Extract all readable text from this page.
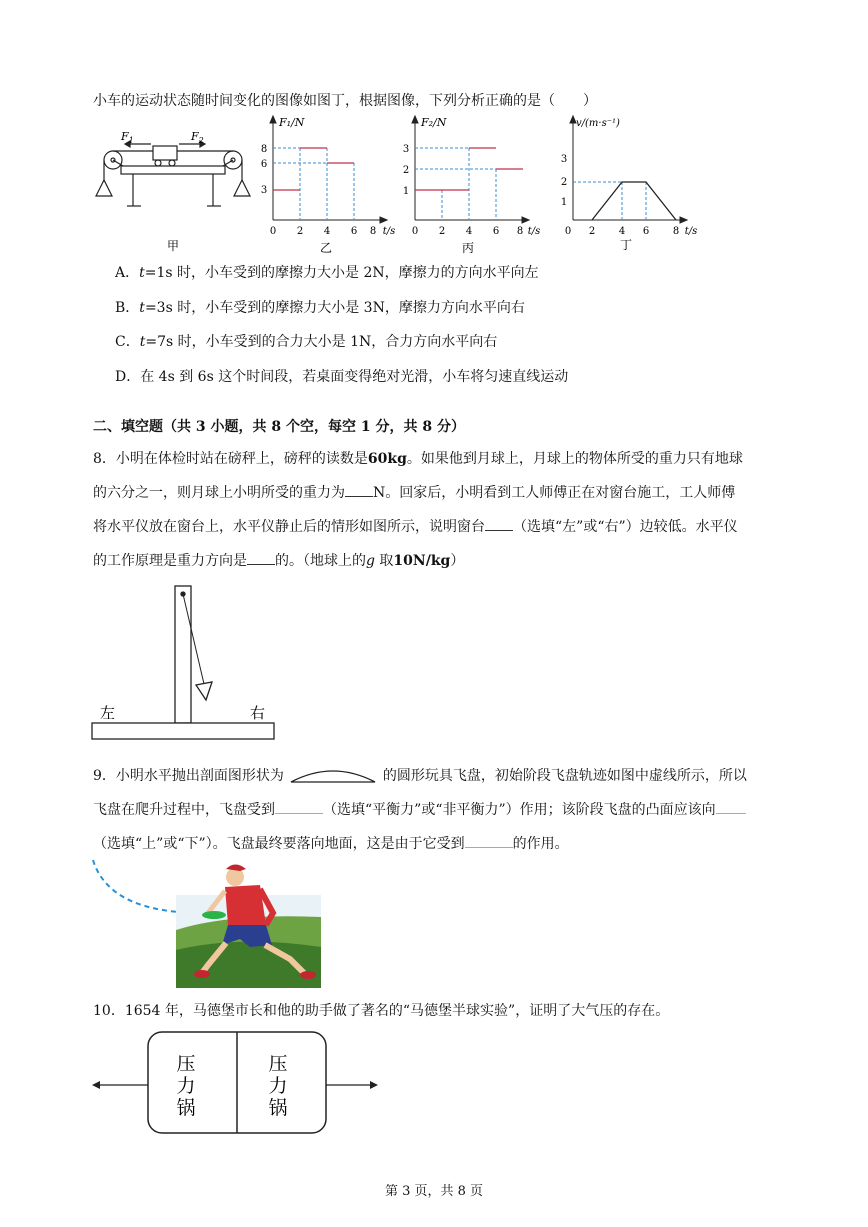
小车的运动状态随时间变化的图像如图丁，根据图像，下列分析正确的是（　　）
$F_1$	$F_2$
甲
F₁/N
3
6
8
0 2 4 6 8 t/s
乙
F₂/N
1
2
3
0 2 4 6 8 t/s
丙
v/(m·s⁻¹)
1
2
3
0 2 4 6 8 t/s
丁
A．t=1s 时，小车受到的摩擦力大小是 2N，摩擦力的方向水平向左
B．t=3s 时，小车受到的摩擦力大小是 3N，摩擦力方向水平向右
C．t=7s 时，小车受到的合力大小是 1N，合力方向水平向右
D．在 4s 到 6s 这个时间段，若桌面变得绝对光滑，小车将匀速直线运动
二、填空题（共 3 小题，共 8 个空，每空 1 分，共 8 分）
8．小明在体检时站在磅秤上，磅秤的读数是60kg。如果他到月球上，月球上的物体所受的重力只有地球
的六分之一，则月球上小明所受的重力为 N。回家后，小明看到工人师傅正在对窗台施工，工人师傅
将水平仪放在窗台上，水平仪静止后的情形如图所示，说明窗台 （选填“左”或“右”）边较低。水平仪
的工作原理是重力方向是 的。（地球上的g 取10N/kg）
左	右
9．小明水平抛出剖面图形状为	的圆形玩具飞盘，初始阶段飞盘轨迹如图中虚线所示，所以
飞盘在爬升过程中，飞盘受到	（选填“平衡力”或“非平衡力”）作用；该阶段飞盘的凸面应该向
（选填“上”或“下”）。飞盘最终要落向地面，这是由于它受到	的作用。
10．1654 年，马德堡市长和他的助手做了著名的“马德堡半球实验”，证明了大气压的存在。
压
力
锅
压
力
锅
第 3 页，共 8 页
